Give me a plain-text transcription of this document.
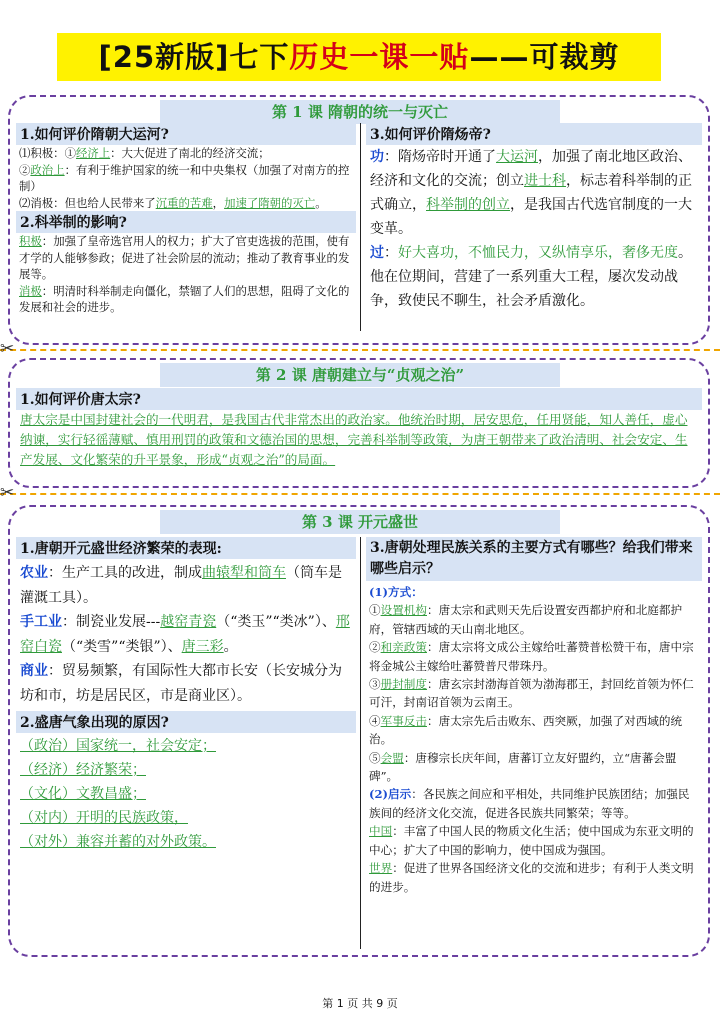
[25新版]七下历史一课一贴——可裁剪
第 1 课 隋朝的统一与灭亡
1.如何评价隋朝大运河?

⑴积极：①经济上：大大促进了南北的经济交流；

②政治上：有利于维护国家的统一和中央集权（加强了对南方的控制）

⑵消极：但也给人民带来了沉重的苦难，加速了隋朝的灭亡。

2.科举制的影响?

积极：加强了皇帝选官用人的权力；扩大了官吏选拔的范围，使有才学的人能够参政；促进了社会阶层的流动；推动了教育事业的发展等。

消极：明清时科举制走向僵化，禁锢了人们的思想，阻碍了文化的发展和社会的进步。

3.如何评价隋炀帝?

功：隋炀帝时开通了大运河，加强了南北地区政治、经济和文化的交流；创立进士科，标志着科举制的正式确立，科举制的创立，是我国古代选官制度的一大变革。

过：好大喜功，不恤民力，又纵情享乐，奢侈无度。他在位期间，营建了一系列重大工程，屡次发动战争，致使民不聊生，社会矛盾激化。

✂
第 2 课 唐朝建立与“贞观之治”
1.如何评价唐太宗?
唐太宗是中国封建社会的一代明君，是我国古代非常杰出的政治家。他统治时期，居安思危，任用贤能，知人善任，虚心纳谏，实行轻徭薄赋、慎用刑罚的政策和文德治国的思想，完善科举制等政策，为唐王朝带来了政治清明、社会安定、生产发展、文化繁荣的升平景象，形成“贞观之治”的局面。
✂
第 3 课 开元盛世
1.唐朝开元盛世经济繁荣的表现:

农业：生产工具的改进，制成曲辕犁和筒车（筒车是灌溉工具）。

手工业：制瓷业发展---越窑青瓷（“类玉”“类冰”）、邢窑白瓷（“类雪”“类银”）、唐三彩。

商业：贸易频繁，有国际性大都市长安（长安城分为坊和市，坊是居民区，市是商业区）。

2.盛唐气象出现的原因?

（政治）国家统一，社会安定；

（经济）经济繁荣；

（文化）文教昌盛；

（对内）开明的民族政策，

（对外）兼容并蓄的对外政策。

3.唐朝处理民族关系的主要方式有哪些？给我们带来哪些启示？

(1)方式：

①设置机构：唐太宗和武则天先后设置安西都护府和北庭都护府，管辖西域的天山南北地区。

②和亲政策：唐太宗将文成公主嫁给吐蕃赞普松赞干布，唐中宗将金城公主嫁给吐蕃赞普尺带珠丹。

③册封制度：唐玄宗封渤海首领为渤海郡王，封回纥首领为怀仁可汗，封南诏首领为云南王。

④军事反击：唐太宗先后击败东、西突厥，加强了对西域的统治。

⑤会盟：唐穆宗长庆年间，唐蕃订立友好盟约，立“唐蕃会盟碑”。

(2)启示：各民族之间应和平相处，共同维护民族团结；加强民族间的经济文化交流，促进各民族共同繁荣；等等。

中国：丰富了中国人民的物质文化生活；使中国成为东亚文明的中心；扩大了中国的影响力，使中国成为强国。

世界：促进了世界各国经济文化的交流和进步；有利于人类文明的进步。

第 1 页 共 9 页
